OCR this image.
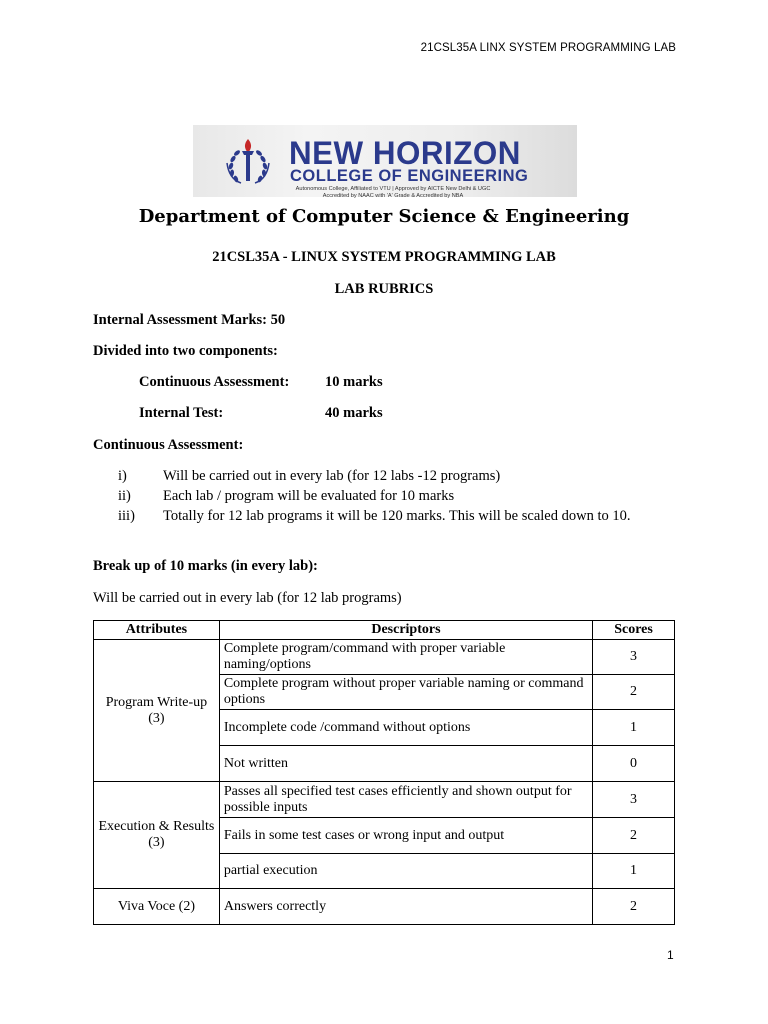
21CSL35A LINX SYSTEM PROGRAMMING LAB
NEW HORIZON
COLLEGE OF ENGINEERING
Autonomous College, Affiliated to VTU | Approved by AICTE New Delhi & UGC
Accredited by NAAC with 'A' Grade & Accredited by NBA
Department of Computer Science & Engineering
21CSL35A - LINUX SYSTEM PROGRAMMING LAB
LAB RUBRICS
Internal Assessment Marks: 50
Divided into two components:
Continuous Assessment: 10 marks
Internal Test:	40 marks
Continuous Assessment:
i) Will be carried out in every lab (for 12 labs -12 programs)
ii) Each lab / program will be evaluated for 10 marks
iii) Totally for 12 lab programs it will be 120 marks. This will be scaled down to 10.
Break up of 10 marks (in every lab):
Will be carried out in every lab (for 12 lab programs)
Attributes	Descriptors	Scores
Program Write-up (3)	Complete program/command with proper variable naming/options	3
	Complete program without proper variable naming or command options	2
	Incomplete code /command without options	1
	Not written	0
Execution & Results (3)	Passes all specified test cases efficiently and shown output for possible inputs	3
	Fails in some test cases or wrong input and output	2
	partial execution	1
Viva Voce (2)	Answers correctly	2
1
